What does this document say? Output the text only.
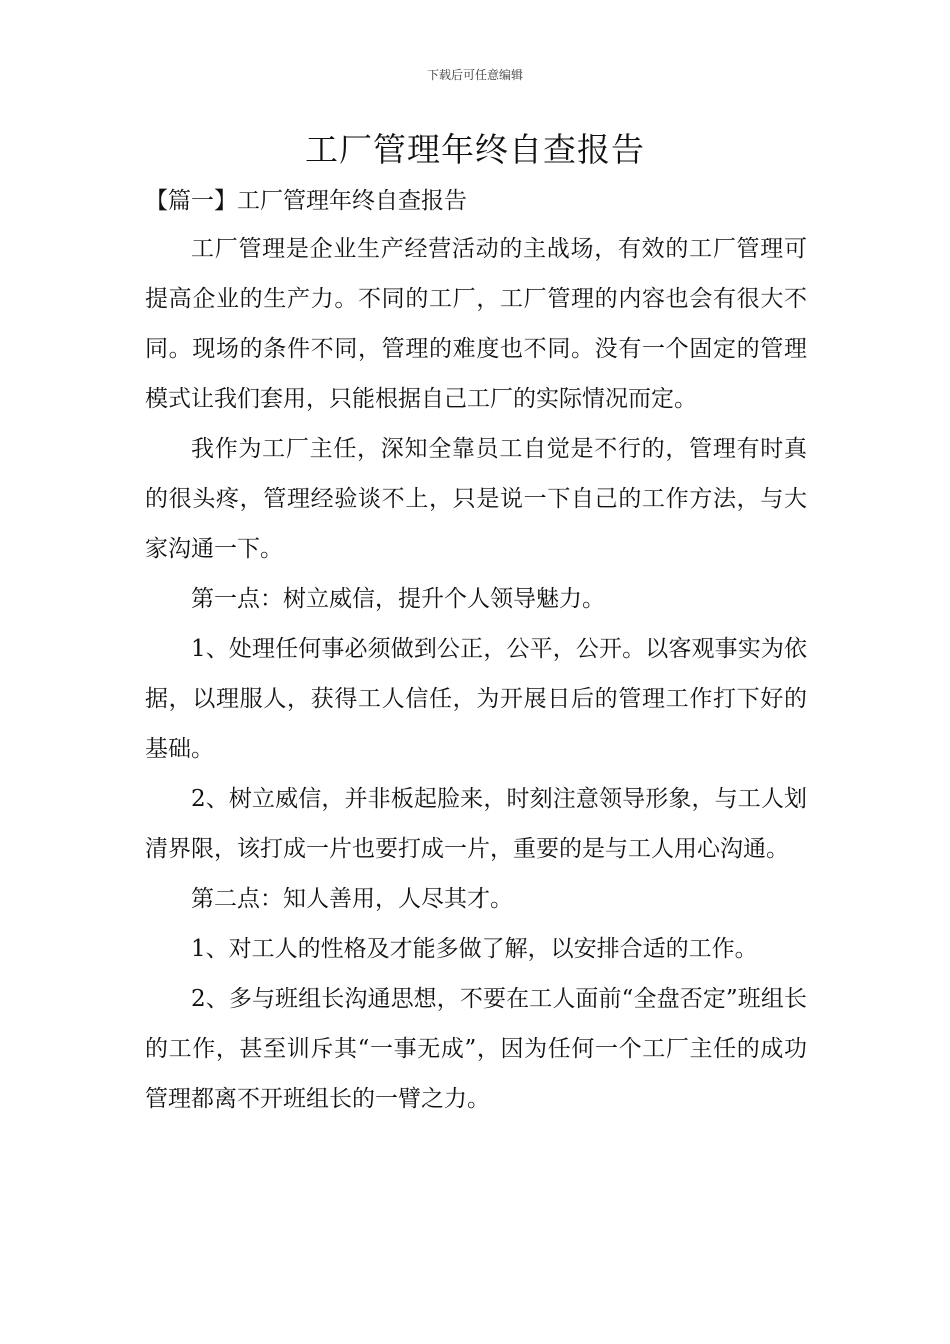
下载后可任意编辑
工厂管理年终自查报告
【篇一】工厂管理年终自查报告

工厂管理是企业生产经营活动的主战场，有效的工厂管理可提高企业的生产力。不同的工厂，工厂管理的内容也会有很大不同。现场的条件不同，管理的难度也不同。没有一个固定的管理模式让我们套用，只能根据自己工厂的实际情况而定。

我作为工厂主任，深知全靠员工自觉是不行的，管理有时真的很头疼，管理经验谈不上，只是说一下自己的工作方法，与大家沟通一下。

第一点：树立威信，提升个人领导魅力。

1、处理任何事必须做到公正，公平，公开。以客观事实为依据，以理服人，获得工人信任，为开展日后的管理工作打下好的基础。

2、树立威信，并非板起脸来，时刻注意领导形象，与工人划清界限，该打成一片也要打成一片，重要的是与工人用心沟通。

第二点：知人善用，人尽其才。

1、对工人的性格及才能多做了解，以安排合适的工作。

2、多与班组长沟通思想，不要在工人面前“全盘否定”班组长的工作，甚至训斥其“一事无成”，因为任何一个工厂主任的成功管理都离不开班组长的一臂之力。
